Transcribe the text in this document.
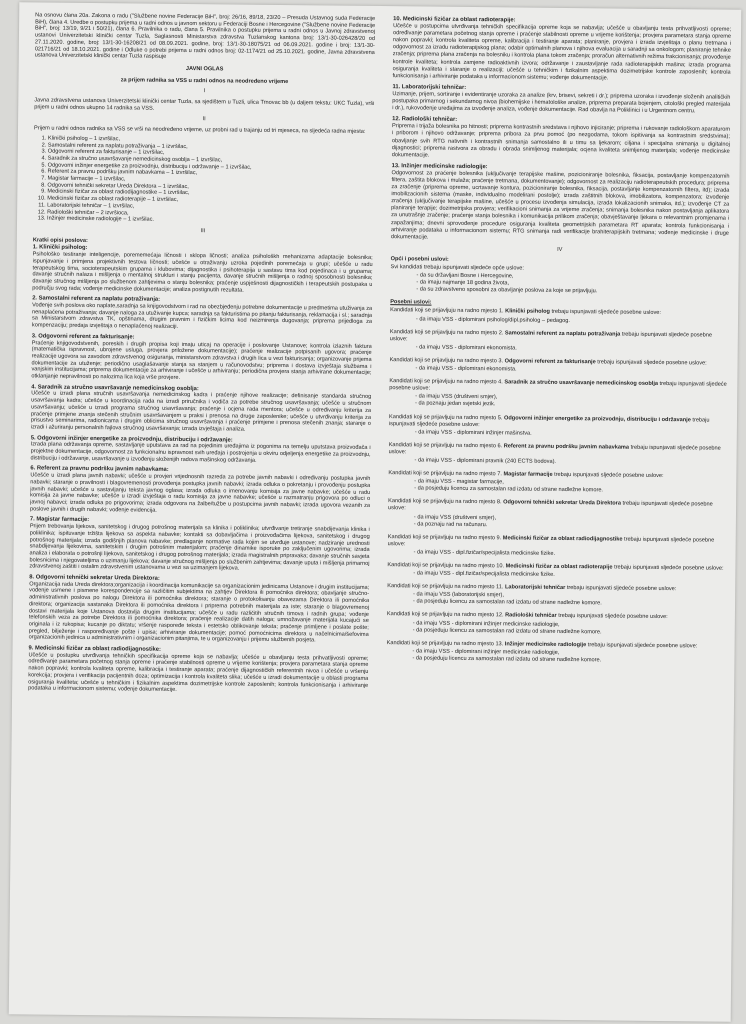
Na osnovu člana 20a. Zakona o radu ("Službene novine Federacije BiH", broj: 26/16, 89/18, 23/20 – Presuda Ustavnog suda Federacije BiH), člana 4. Uredbe o postupku prijema u radni odnos u javnom sektoru u Federaciji Bosne i Hercegovine ("Službene novine Federacije BiH", broj: 13/19, 9/21 i 50/21), člana 6. Pravilnika o radu, člana 5. Pravilnika o postupku prijema u radni odnos u Javnoj zdravstvenoj ustanovi Univerzitetski klinički centar Tuzla, Saglasnosti Ministarstva zdravstva Tuzlanskog kantona broj: 13/1-30-026428/20 od 27.11.2020. godine, broj: 13/1-30-16208/21 od 08.09.2021. godine, broj: 13/1-30-18075/21 od 06.09.2021. godine i broj: 13/1-30-021716/21 od 18.10.2021. godine i Odluke o potrebi prijema u radni odnos broj: 02-1174/21 od 25.10.2021. godine, Javna zdravstvena ustanova Univerzitetski klinički centar Tuzla raspisuje

JAVNI OGLAS
za prijem radnika sa VSS u radni odnos na neodređeno vrijeme
I

Javna zdravstvena ustanova Univerzitetski klinički centar Tuzla, sa sjedištem u Tuzli, ulica Trnovac bb (u daljem tekstu: UKC Tuzla), vrši prijem u radni odnos ukupno 14 radnika sa VSS.

II

Prijem u radni odnos radnika sa VSS se vrši na neodređeno vrijeme, uz probni rad u trajanju od tri mjeseca, na sljedeća radna mjesta:

1. Klinički psiholog – 1 izvršilac,
2. Samostalni referent za naplatu potraživanja – 1 izvršilac,
3. Odgovorni referent za fakturisanje – 1 izvršilac,
4. Saradnik za stručno usavršavanje nemedicinskog osoblja – 1 izvršilac,
5. Odgovorni inžinjer energetike za proizvodnju, distribuciju i održavanje – 1 izvršilac,
6. Referent za pravnu podršku javnim nabavkama – 1 izvršilac,
7. Magistar farmacije – 1 izvršilac,
8. Odgovorni tehnički sekretar Ureda Direktora – 1 izvršilac,
9. Medicinski fizičar za oblast radiodijagnostike – 1 izvršilac,
10. Medicinski fizičar za oblast radioterapije – 1 izvršilac,
11. Laboratorijski tehničar – 1 izvršilac,
12. Radiološki tehničar – 2 izvršioca,
13. Inžinjer medicinske radiologije – 1 izvršilac.
III
Kratki opisi poslova:
1. Klinički psiholog:
Psihološko testiranje inteligencije, porememećaja ličnosti i sklopa ličnosti; analiza psihološkh mehanizama adaptacije bolesnika; ispunjavanje i primjena projektivnih testova ličnosti; učešće u otraživanju uzroka pojedinih poremećaja u grupi; učešće u radu terapeutskog tima, socioterapeutskim grupama i klubovima; dijagnostika i psihoterapija u sastavu tima kod pojedinaca i u grupama; davanje stručnih nalaza i mišljenja o mentalnoj strukturi i stanju pacijenta, davanje stručnih mišljenja o radnoj sposobnosti bolesnika; davanje stručnog mišljenja po službenom zahtjevima o stanju bolesnika; praćenje uspješnosti dijagnostičkih i terapeutskih postupaka u području svog rada; vođenje medicinske dokumentacije; analiza postignutih rezultata.
2. Samostalni referent za naplatu potraživanja:
Vođenje svih poslova oko naplate,saradnja sa knjigovodstvom i rad na obezbjeđenju potrebne dokumentacije u predmetima utuživanja za nenaplaćena potraživanja; davanje naloga za utuživanje kupca; saradnja sa fakturistima po pitanju fakturisanja, reklamacija i sl.; saradnja sa Ministarstvom zdravstva TK, opštinama, drugim pravnim i fizičkim licima kod neizmirenja dugovanja; priprema prijedloga za kompenzaciju; predaja izvještaja o nenaplaćenoj realizaciji.
3. Odgovorni referent za fakturisanje:
Praćenje knjigovodstvenih, poreskih i drugih propisa koji imaju uticaj na operacije i poslovanje Ustanove; kontrola izlaznih faktura (matematička ispravnost, ubrojene usluga, provjera priložene dokumentacije); praćenje realizacije potpisanih ugovora; praćenje realizacije ugovora sa zavodom zdravstvenog osiguranja, ministarstvom zdravstva i drugih lica u vezi fakturisanja; organizovanje prijema dokumentacije za utuženje; periodično usaglašavanje stanja sa stanjem u računovodstvu; priprema i dostava izvještaja službama i vanjskim institucijama; priprema dokumentacije za arhiviranje i učešće u arhiviranju; periodična provjera stanja arhivirane dokumentacije; otklanjanje nepravilnosti po nalozima lica koja vrše provjere.
4. Saradnik za stručno usavršavanje nemedicinskog osoblja:
Učešće u izradi plana stručnih usavršavanja nemedicinskog kadra i praćenje njihove realizacije; definisanje standarda stručnog usavršavanja kadra; učešće u koordinacija rada na izradi priručnika i vodiča za potrebe stručnog usavršavanja; učešće u stručnom usavršavanju; učešće u izradi programa stručnog usavršavanja; praćenje i ocjena rada mentora; učešće u određivanju kriterija za praćenje primjene znanja stečenih stručnim usavršavanjem u praksi i prenosa na druge zaposlenike; učešće u utvrđivanju kriterija za prisustvo seminarima, radionicama i drugim oblicima stručnog usavršavanja i praćenje primjene i prenosa stečenih znanja; staranje o izradi i ažuriranju personalnih fajlova stručnog usavršavanja; izrada izvještaja i analiza.
5. Odgovorni inžinjer energetike za proizvodnju, distribuciju i održavanje:
Izrada plana održavanja opreme, sastavljanje uputstava za rad na pojedinim uređajima iz pogonima na temelju uputstava proizvođača i projektne dokumentacije, odgovornost za funkcionalnu ispravnost svih uređaja i postrojenja u okviru odjeljenja energetike za proizvodnju, distribuciju i održavanje, usavršavanje u izvođenju složenijih radova mašinskog održavanja.
6. Referent za pravnu podršku javnim nabavkama:
Učešće u izradi plana javnih nabavki; učešće u provjeri vrijednosnih razreda za potrebe javnih nabavki i određivanju postupka javnih nabavki; staranje o pravilnosti i blagovremenosti provođenja postupka javnih nabavki; izrada odluka o pokretanju i provođenju postupka javnih nabavki; učešće u sastavljanju teksta javnog oglasa; izrada odluka o imenovanju komisija za javne nabavke; učešće u radu komisija za javne nabavke; učešće u izradi izvještaja o radu komisija za javne nabavke; učešće u razmatranju prigovora po odluci o javnoj nabavci; izrada odluka po prigovorima; izrada odgovora na žalbe/tužbe u postupcima javnih nabavki; izrada ugovora vezanih za poslove javnih i drugih nabavki; vođenje evidencija.
7. Magistar farmacije:
Prijem trebovanja lijekova, sanitetskog i drugog potrošnog materijala sa klinika i poliklinika; utvrđivanje tretiranje snabdijevanja klinika i poliklinika; ispituvanje tržišta lijekova sa aspekta nabavke; kontakti sa dobavljačima i proizvođačima lijekova, sanitetskog i drugog potrošnog materijala; izrada godišnjih planova nabavke; predlaganje normative rada kojim se utvrđuje ustanove; nadziranje urednosti snabdijevanja lijekovima, sanitetskim i drugim potrošnim materijalom; praćenje dinamike isporuke po zaključenim ugovorima; izrada analiza i elaborata o potrošnji lijekova, sanitetskog i drugog potrošnog materijala; izrada magistralnih pripravaka; davanje stručnih savjeta bolesnicima i njegovateljima o uzimanju lijekova; davanje stručnog mišljenja po službenim zahtjevima; davanje uputa i mišljenja primarnoj zdravstvenoj zaštiti i ostalim zdravstvenim ustanovama u vezi sa uzimanjem lijekova.
8. Odgovorni tehnički sekretar Ureda Direktora:
Organizacija rada Ureda direktora;organizacija i koordinacija komunikacije sa organizacionim jedinicama Ustanove i drugim institucijama; vođenje usmene i pismene korespondencije sa različitim subjektima na zahtjev Direktora ili pomoćnika direktora; obavljanje stručno-administrativnih poslova po nalogu Direktora ili pomoćnika direktora; staranje o protokolisanju obavezama Direktora ili pomoćnika direktora; organizacija sastanaka Direktora ili pomoćnika direktora i priprema potrebnih materijala za iste; staranje o blagovremenoj dostavi materijala koje Ustanova dostavlja drugim institucijama; učešće u radu različitih stručnih timova i radnih grupa; vođenje telefonskih veza za potrebe Direktora ili pomoćnika direktora; praćenje realizacije datih naloga; umnožavanje materijala kucajući se originala i iz rukopisa; kucanje po diktatu; vršenje raspoređe teksta i estetsko oblikovanje teksta; praćenje primljene i poslate pošte; pregled, bilježenje i raspoređivanje pošte i upisa; arhiviranje dokumentacije; pomoć pomoćnicima direktora u načelnicima/šefovima organizacionih jedinica u administrativnim i organizacionim pitanjima, te u organizovanju i prijemu službenih posjeta.
9. Medicinski fizičar za oblast radiodijagnostike:
Učešće u postupku utvrđivanja tehničkih specifikacija opreme koja se nabavlja; učešće u obavljanju testa prihvatljivosti opreme; određivanje parametara početnog stanja opreme i praćenje stabilnosti opreme u vrijeme korištenja; provjera parametara stanja opreme nakon popravki; kontrola kvaliteta opreme, kalibracija i testiranje aparata; praćenje dijagnostičkih referentnih nivoa i učešće u vršenju korekcija; provjera i verifikacija pacijentnih doza; optimizacija i kontrola kvaliteta slika; učešće u izradi dokumentacije u oblasti programa osiguranja kvaliteta; učešće u tehničkim i fizikalnim aspektima dozimetrijske kontrole zaposlenih; kontrola funkcionisanja i arhiviranje podataka u informacionom sistemu; vođenje dokumentacije.
10. Medicinski fizičar za oblast radioterapije:
Učešće u postupcima utvrđivanja tehničkih specifikacija opreme koja se nabavlja; učešće u obavljanju testa prihvatljivosti opreme; određivanje parametara početnog stanja opreme i praćenje stabilnosti opreme u vrijeme korištenja; provjera parametara stanja opreme nakon popravki; kontrola kvaliteta opreme, kalibracija i testiranje aparata; planiranje, provjera i izrada izvještaja o planu tretmana i odgovornost za izradu radioterapijskog plana; odabir optimalnih planova i njihova evaluacija u saradnji sa onkologom; planiranje tehnike zračenja; priprema plana zračenja na bolesniku i kontrola plana tokom zračenja; proračun alternativnih režima frakcionisanja; provođenje kontrole kvaliteta; kontrola zamjene radioaktivnih izvora; održavanje i zaustavljanje rada radioterapijskih mašina; izrada programa osiguranja kvaliteta i staranje o realizaciji; učešće u tehničkim i fizikalnim aspektima dozimetrijske kontrole zaposlenih; kontrola funkcionisanja i arhiviranje podataka u informacionom sistemu; vođenje dokumentacije.
11. Laboratorijski tehničar:
Uzimanje, prijem, sortiranje i evidentiranje uzoraka za analize (krv, brisevi, sekreti i dr.); priprema uzoraka i izvođenje složenih analitičkih postupaka primarnog i sekundarnog nivoa (biohemijske i hematološke analize, priprema preparata bojenjem, citološki pregled materijala i dr.), rukovođenje uređajima za izvođenje analiza, vođenje dokumentacije. Rad obavlja na Poliklinici i u Urgentnom centru.
12. Radiološki tehničar:
Priprema i trijaža bolesnika po hitnosti; priprema kontrastnih sredstava i njihovo injiciranje; priprema i rukovanje radiološkom aparaturom i priborom i njihovo održavanje; priprema pribora za prvu pomoć (po nezgodama, tokom ispitivanja sa kontrastnim sredstvima); obavljanje svih RTG nativnih i kontrastnih snimanja samostalno ili u timu sa ljekarom; ciljana i specijalna snimanja u digitalnoj dijagnostici; priprema rastvora za obradu i obrada snimljenog materijala; ocjena kvaliteta snimljenog materijala; vođenje medicinske dokumentacije.
13. Inžinjer medicinske radiologije:
Odgovornost za praćenje bolesnika (uključivanje terapijske mašine, pozicioniranje bolesnika, fiksacija, postavljanje kompenzatornih filtera, zaštita blokova i mulaža; praćenje tretmana, dokumentovanje); odgovornost za realizaciju radioterapeutskih procedura; priprema za zračenje (priprema opreme, ucrtavanje kontura, pozicioniranje bolesnika, fiksacija, postavljanje kompenzatornih filtera, itd); izrada imobilizacionih sistema (maske, individualno modelirani postolje); izrada zaštitnih blokova, imobilizatora, kompenzatora; izvođenje zračenja (uključivanje terapijske mašine, učešće u procesu izvođenja simulacija, izrada lokalizacionih snimaka, itd.); izvođenje CT za planiranje terapije; dozimetrijska provjera; verifikacioni snimanja za vrijeme zračenja; snimanja bolesnika nakon postavljanja aplikatora za unutrašnje zračenje; praćenje stanja bolesnika i komunikacija prilikom zračenja; obavještavanje ljekara o relevantnim promjenama i zapažanjima; dnevni sprovođenje procedure osiguranja kvaliteta geometrijskih parametara RT aparata; kontrola funkcionisanja i arhiviranje podataka u informacionom sistemu; RTG snimanja radi verifikacije brahiterapijskih tretmana; vođenje medicinske i druge dokumentacije.
IV
Opći i posebni uslovi:
Svi kandidati trebaju ispunjavati sljedeće opće uslove:
- da su državljani Bosne i Hercegovine,
- da imaju najmanje 18 godina života,
- da su zdravstveno sposobni za obavljanje poslova za koje se prijavljuju.
Posebni uslovi:
Kandidati koji se prijavljuju na radno mjesto 1. Klinički psiholog trebaju ispunjavati sljedeće posebne uslove:
- da imaju VSS - diplomirani psiholog/dipl.psiholog – pedagog.
Kandidati koji se prijavljuju na radno mjesto 2. Samostalni referent za naplatu potraživanja trebaju ispunjavati sljedeće posebne uslove:
- da imaju VSS - diplomirani ekonomista.
Kandidati koji se prijavljuju na radno mjesto 3. Odgovorni referent za fakturisanje trebaju ispunjavati sljedeće posebne uslove:
- da imaju VSS - diplomirani ekonomista.
Kandidati koji se prijavljuju na radno mjesto 4. Saradnik za stručno usavršavanje nemedicinskog osoblja trebaju ispunjavati sljedeće posebne uslove:
- da imaju VSS (društveni smjer),
- da poznaju jedan svjetski jezik.
Kandidati koji se prijavljuju na radno mjesto 5. Odgovorni inžinjer energetike za proizvodnju, distribuciju i održavanje trebaju ispunjavati sljedeće posebne uslove:
- da imaju VSS - diplomirani inžinjer mašinstva.
Kandidati koji se prijavljuju na radno mjesto 6. Referent za pravnu podršku javnim nabavkama trebaju ispunjavati sljedeće posebne uslove:
- da imaju VSS - diplomirani pravnik (240 ECTS bodova).
Kandidati koji se prijavljuju na radno mjesto 7. Magistar farmacije trebaju ispunjavati sljedeće posebne uslove:
- da imaju VSS - magistar farmacije,
- da posjeduju licencu za samostalan rad izdatu od strane nadležne komore.
Kandidati koji se prijavljuju na radno mjesto 8. Odgovorni tehnički sekretar Ureda Direktora trebaju ispunjavati sljedeće posebne uslove:
- da imaju VSS (društveni smjer),
- da poznaju rad na računaru.
Kandidati koji se prijavljuju na radno mjesto 9. Medicinski fizičar za oblast radiodijagnostike trebaju ispunjavati sljedeće posebne uslove:
- da imaju VSS - dipl.fizičar/specijalista medicinske fizike.
Kandidati koji se prijavljuju na radno mjesto 10. Medicinski fizičar za oblast radioterapije trebaju ispunjavati sljedeće posebne uslove:
- da imaju VSS - dipl.fizičar/specijalista medicinske fizike.
Kandidati koji se prijavljuju na radno mjesto 11. Laboratorijski tehničar trebaju ispunjavati sljedeće posebne uslove:
- da imaju VSS (laboratorijski smjer),
- da posjeduju licencu za samostalan rad izdatu od strane nadležne komore.
Kandidati koji se prijavljuju na radno mjesto 12. Radiološki tehničar trebaju ispunjavati sljedeće posebne uslove:
- da imaju VSS - diplomirani inžinjer medicinske radiologije,
- da posjeduju licencu za samostalan rad izdatu od strane nadležne komore.
Kandidati koji se prijavljuju na radno mjesto 13. Inžinjer medicinske radiologije trebaju ispunjavati sljedeće posebne uslove:
- da imaju VSS - diplomirani inžinjer medicinske radiologije,
- da posjeduju licencu za samostalan rad izdatu od strane nadležne komore.
